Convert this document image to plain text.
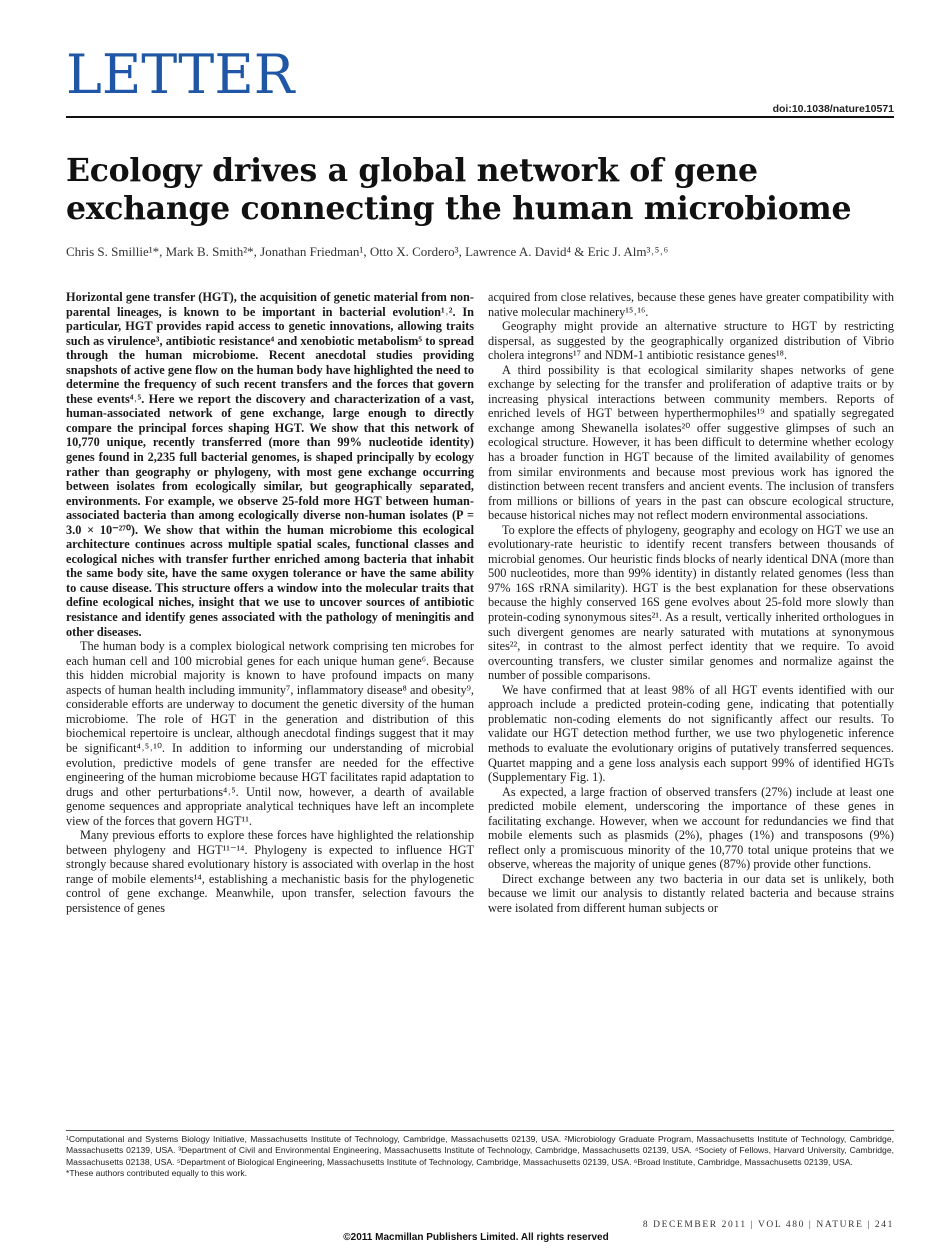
LETTER
doi:10.1038/nature10571
Ecology drives a global network of gene exchange connecting the human microbiome
Chris S. Smillie¹*, Mark B. Smith²*, Jonathan Friedman¹, Otto X. Cordero³, Lawrence A. David⁴ & Eric J. Alm³˒⁵˒⁶

Horizontal gene transfer (HGT), the acquisition of genetic material from non-parental lineages, is known to be important in bacterial evolution¹˒². In particular, HGT provides rapid access to genetic innovations, allowing traits such as virulence³, antibiotic resistance⁴ and xenobiotic metabolism⁵ to spread through the human microbiome. Recent anecdotal studies providing snapshots of active gene flow on the human body have highlighted the need to determine the frequency of such recent transfers and the forces that govern these events⁴˒⁵. Here we report the discovery and characterization of a vast, human-associated network of gene exchange, large enough to directly compare the principal forces shaping HGT. We show that this network of 10,770 unique, recently transferred (more than 99% nucleotide identity) genes found in 2,235 full bacterial genomes, is shaped principally by ecology rather than geography or phylogeny, with most gene exchange occurring between isolates from ecologically similar, but geographically separated, environments. For example, we observe 25-fold more HGT between human-associated bacteria than among ecologically diverse non-human isolates (P = 3.0 × 10⁻²⁷⁰). We show that within the human microbiome this ecological architecture continues across multiple spatial scales, functional classes and ecological niches with transfer further enriched among bacteria that inhabit the same body site, have the same oxygen tolerance or have the same ability to cause disease. This structure offers a window into the molecular traits that define ecological niches, insight that we use to uncover sources of antibiotic resistance and identify genes associated with the pathology of meningitis and other diseases.

The human body is a complex biological network comprising ten microbes for each human cell and 100 microbial genes for each unique human gene⁶. Because this hidden microbial majority is known to have profound impacts on many aspects of human health including immunity⁷, inflammatory disease⁸ and obesity⁹, considerable efforts are underway to document the genetic diversity of the human microbiome. The role of HGT in the generation and distribution of this biochemical repertoire is unclear, although anecdotal findings suggest that it may be significant⁴˒⁵˒¹⁰. In addition to informing our understanding of microbial evolution, predictive models of gene transfer are needed for the effective engineering of the human microbiome because HGT facilitates rapid adaptation to drugs and other perturbations⁴˒⁵. Until now, however, a dearth of available genome sequences and appropriate analytical techniques have left an incomplete view of the forces that govern HGT¹¹.

Many previous efforts to explore these forces have highlighted the relationship between phylogeny and HGT¹¹⁻¹⁴. Phylogeny is expected to influence HGT strongly because shared evolutionary history is associated with overlap in the host range of mobile elements¹⁴, establishing a mechanistic basis for the phylogenetic control of gene exchange. Meanwhile, upon transfer, selection favours the persistence of genes

acquired from close relatives, because these genes have greater compatibility with native molecular machinery¹⁵˒¹⁶.

Geography might provide an alternative structure to HGT by restricting dispersal, as suggested by the geographically organized distribution of Vibrio cholera integrons¹⁷ and NDM-1 antibiotic resistance genes¹⁸.

A third possibility is that ecological similarity shapes networks of gene exchange by selecting for the transfer and proliferation of adaptive traits or by increasing physical interactions between community members. Reports of enriched levels of HGT between hyperthermophiles¹⁹ and spatially segregated exchange among Shewanella isolates²⁰ offer suggestive glimpses of such an ecological structure. However, it has been difficult to determine whether ecology has a broader function in HGT because of the limited availability of genomes from similar environments and because most previous work has ignored the distinction between recent transfers and ancient events. The inclusion of transfers from millions or billions of years in the past can obscure ecological structure, because historical niches may not reflect modern environmental associations.

To explore the effects of phylogeny, geography and ecology on HGT we use an evolutionary-rate heuristic to identify recent transfers between thousands of microbial genomes. Our heuristic finds blocks of nearly identical DNA (more than 500 nucleotides, more than 99% identity) in distantly related genomes (less than 97% 16S rRNA similarity). HGT is the best explanation for these observations because the highly conserved 16S gene evolves about 25-fold more slowly than protein-coding synonymous sites²¹. As a result, vertically inherited orthologues in such divergent genomes are nearly saturated with mutations at synonymous sites²², in contrast to the almost perfect identity that we require. To avoid overcounting transfers, we cluster similar genomes and normalize against the number of possible comparisons.

We have confirmed that at least 98% of all HGT events identified with our approach include a predicted protein-coding gene, indicating that potentially problematic non-coding elements do not significantly affect our results. To validate our HGT detection method further, we use two phylogenetic inference methods to evaluate the evolutionary origins of putatively transferred sequences. Quartet mapping and a gene loss analysis each support 99% of identified HGTs (Supplementary Fig. 1).

As expected, a large fraction of observed transfers (27%) include at least one predicted mobile element, underscoring the importance of these genes in facilitating exchange. However, when we account for redundancies we find that mobile elements such as plasmids (2%), phages (1%) and transposons (9%) reflect only a promiscuous minority of the 10,770 total unique proteins that we observe, whereas the majority of unique genes (87%) provide other functions.

Direct exchange between any two bacteria in our data set is unlikely, both because we limit our analysis to distantly related bacteria and because strains were isolated from different human subjects or

¹Computational and Systems Biology Initiative, Massachusetts Institute of Technology, Cambridge, Massachusetts 02139, USA. ²Microbiology Graduate Program, Massachusetts Institute of Technology, Cambridge, Massachusetts 02139, USA. ³Department of Civil and Environmental Engineering, Massachusetts Institute of Technology, Cambridge, Massachusetts 02139, USA. ⁴Society of Fellows, Harvard University, Cambridge, Massachusetts 02138, USA. ⁵Department of Biological Engineering, Massachusetts Institute of Technology, Cambridge, Massachusetts 02139, USA. ⁶Broad Institute, Cambridge, Massachusetts 02139, USA.
*These authors contributed equally to this work.
8 DECEMBER 2011 | VOL 480 | NATURE | 241
©2011 Macmillan Publishers Limited. All rights reserved
